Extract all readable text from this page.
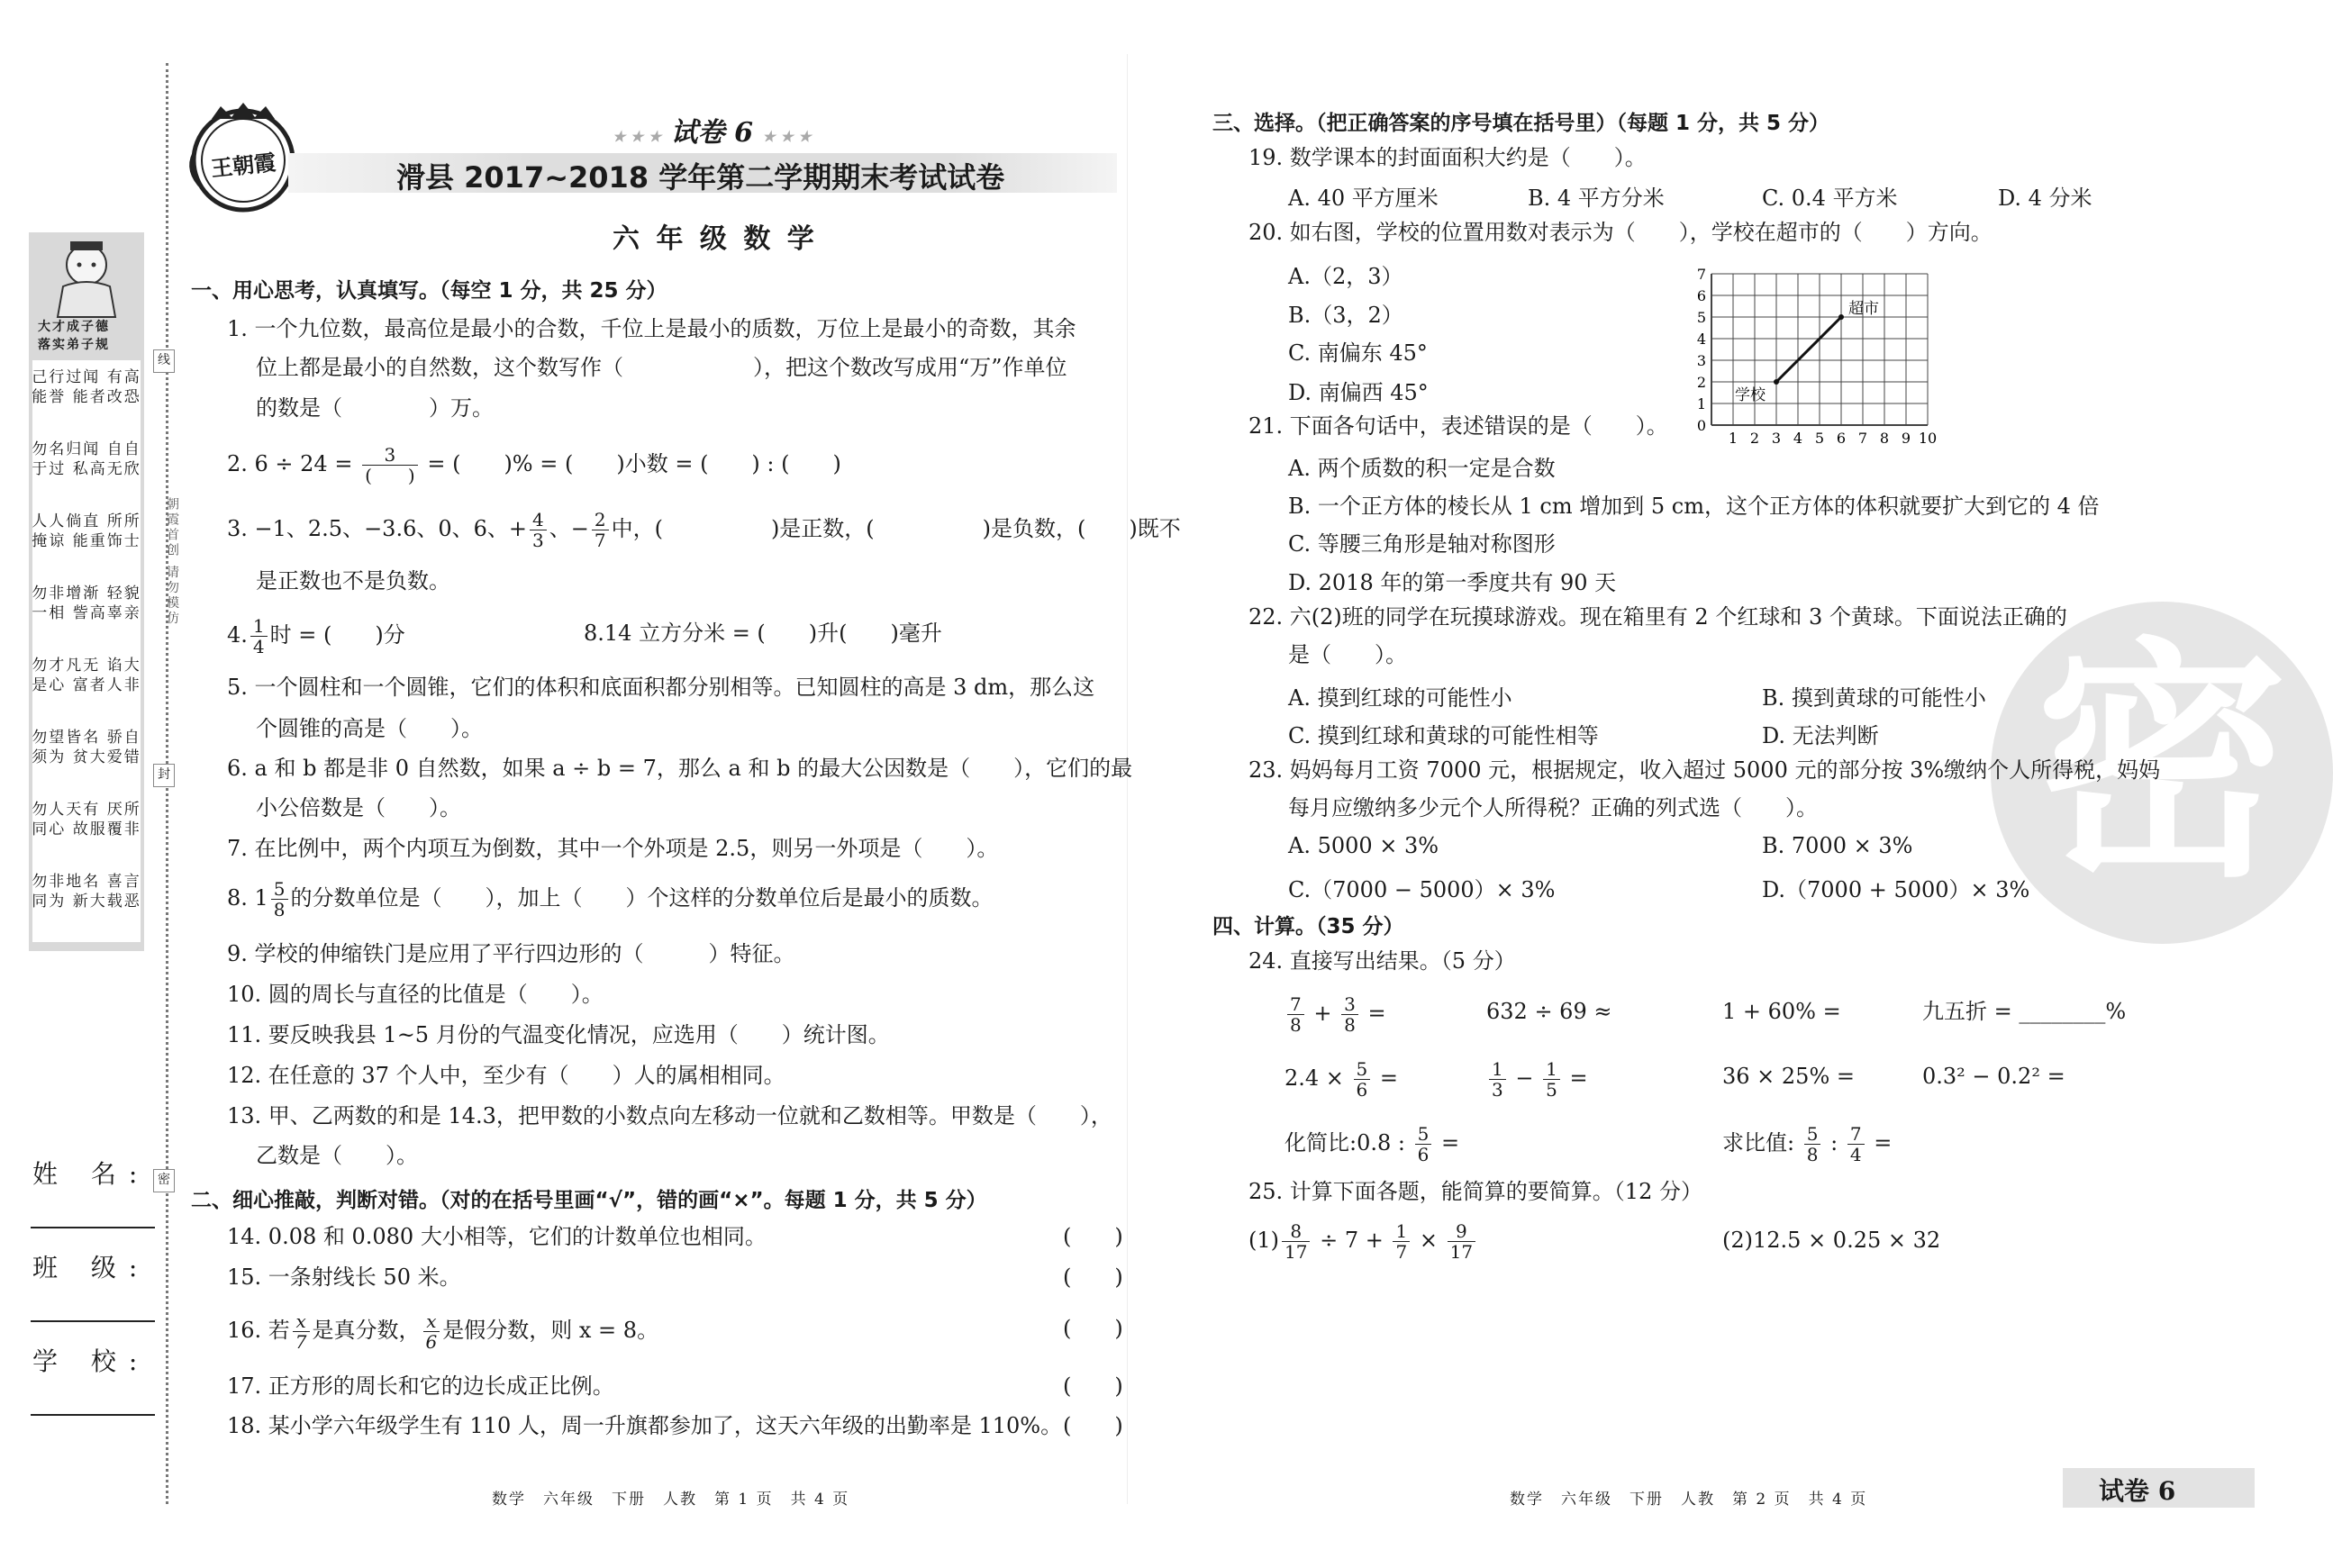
王朝霞
★ ★ ★ 试卷 6 ★ ★ ★
滑县 2017~2018 学年第二学期期末考试试卷
六 年 级 数 学
大才成子德
落实弟子规
己行过闻 有高能誉 能者改恐
勿名归闻 自自于过 私高无欣
人人倘直 所所掩谅 能重饰士
勿非增渐 轻貌一相 訾高辜亲
勿才凡无 谄大是心 富者人非
勿望皆名 骄自须为 贫大爱错
勿人天有 厌所同心 故服覆非
勿非地名 喜言同为 新大载恶
线
封
密
朝霞首创 请勿模仿
姓 名:
班 级:
学 校:
一、用心思考，认真填写。（每空 1 分，共 25 分）
1. 一个九位数，最高位是最小的合数，千位上是最小的质数，万位上是最小的奇数，其余
位上都是最小的自然数，这个数写作（　　　　　　），把这个数改写成用“万”作单位
的数是（　　　　）万。
2. $6 \div 24 = \frac{3}{( )}$ = (　　)% = (　　)小数 = (　　) : (　　)
3. −1、2.5、−3.6、0、6、+ $\frac{4}{3}$ 、− $\frac{2}{7}$ 中，(　　　　　)是正数，(　　　　　)是负数，(　　)既不
是正数也不是负数。
4. $\frac{1}{4}$ 时 = (　　)分	8.14 立方分米 = (　　)升(　　)毫升
5. 一个圆柱和一个圆锥，它们的体积和底面积都分别相等。已知圆柱的高是 3 dm，那么这
个圆锥的高是（　　）。
6. a 和 b 都是非 0 自然数，如果 a ÷ b = 7，那么 a 和 b 的最大公因数是（　　），它们的最
小公倍数是（　　）。
7. 在比例中，两个内项互为倒数，其中一个外项是 2.5，则另一外项是（　　）。
8. $1 \frac{5}{8}$ 的分数单位是（　　），加上（　　）个这样的分数单位后是最小的质数。
9. 学校的伸缩铁门是应用了平行四边形的（　　　）特征。
10. 圆的周长与直径的比值是（　　）。
11. 要反映我县 1~5 月份的气温变化情况，应选用（　　）统计图。
12. 在任意的 37 个人中，至少有（　　）人的属相相同。
13. 甲、乙两数的和是 14.3，把甲数的小数点向左移动一位就和乙数相等。甲数是（　　），
乙数是（　　）。
二、细心推敲，判断对错。（对的在括号里画“√”，错的画“×”。每题 1 分，共 5 分）
14. 0.08 和 0.080 大小相等，它们的计数单位也相同。	(　　)
15. 一条射线长 50 米。	(　　)
16. 若 $\frac{x}{7}$ 是真分数， $\frac{x}{6}$ 是假分数，则 x = 8。	(　　)
17. 正方形的周长和它的边长成正比例。	(　　)
18. 某小学六年级学生有 110 人，周一升旗都参加了，这天六年级的出勤率是 110%。 (　　)
数学　六年级　下册　人教　第 1 页　共 4 页
密
三、选择。（把正确答案的序号填在括号里）（每题 1 分，共 5 分）
19. 数学课本的封面面积大约是（　　）。
A. 40 平方厘米	B. 4 平方分米	C. 0.4 平方米	D. 4 分米
20. 如右图，学校的位置用数对表示为（　　），学校在超市的（　　）方向。
A.（2，3）
B.（3，2）
C. 南偏东 45°
D. 南偏西 45°
1 2 3 4 5 6 7 8 9 10
0
1
2
3
4
5
6
7
学校
超市
21. 下面各句话中，表述错误的是（　　）。
A. 两个质数的积一定是合数
B. 一个正方体的棱长从 1 cm 增加到 5 cm，这个正方体的体积就要扩大到它的 4 倍
C. 等腰三角形是轴对称图形
D. 2018 年的第一季度共有 90 天
22. 六(2)班的同学在玩摸球游戏。现在箱里有 2 个红球和 3 个黄球。下面说法正确的
是（　　）。
A. 摸到红球的可能性小	B. 摸到黄球的可能性小
C. 摸到红球和黄球的可能性相等	D. 无法判断
23. 妈妈每月工资 7000 元，根据规定，收入超过 5000 元的部分按 3%缴纳个人所得税，妈妈
每月应缴纳多少元个人所得税？正确的列式选（　　）。
A. 5000 × 3%	B. 7000 × 3%
C.（7000 − 5000）× 3%	D.（7000 + 5000）× 3%
四、计算。（35 分）
24. 直接写出结果。（5 分）
$\frac{7}{8} + \frac{3}{8}$ =	632 ÷ 69 ≈	1 + 60% =	九五折 = ________%
$2.4 \times \frac{5}{6}$ =	$\frac{1}{3} - \frac{1}{5}$ =	36 × 25% =	0.3² − 0.2² =
化简比:0.8 : $\frac{5}{6}$ =	求比值: $\frac{5}{8}$ : $\frac{7}{4}$ =
25. 计算下面各题，能简算的要简算。（12 分）
$(1) \frac{8}{17} \div 7 + \frac{1}{7} \times \frac{9}{17}$	(2)12.5 × 0.25 × 32
数学　六年级　下册　人教　第 2 页　共 4 页	试卷 6
